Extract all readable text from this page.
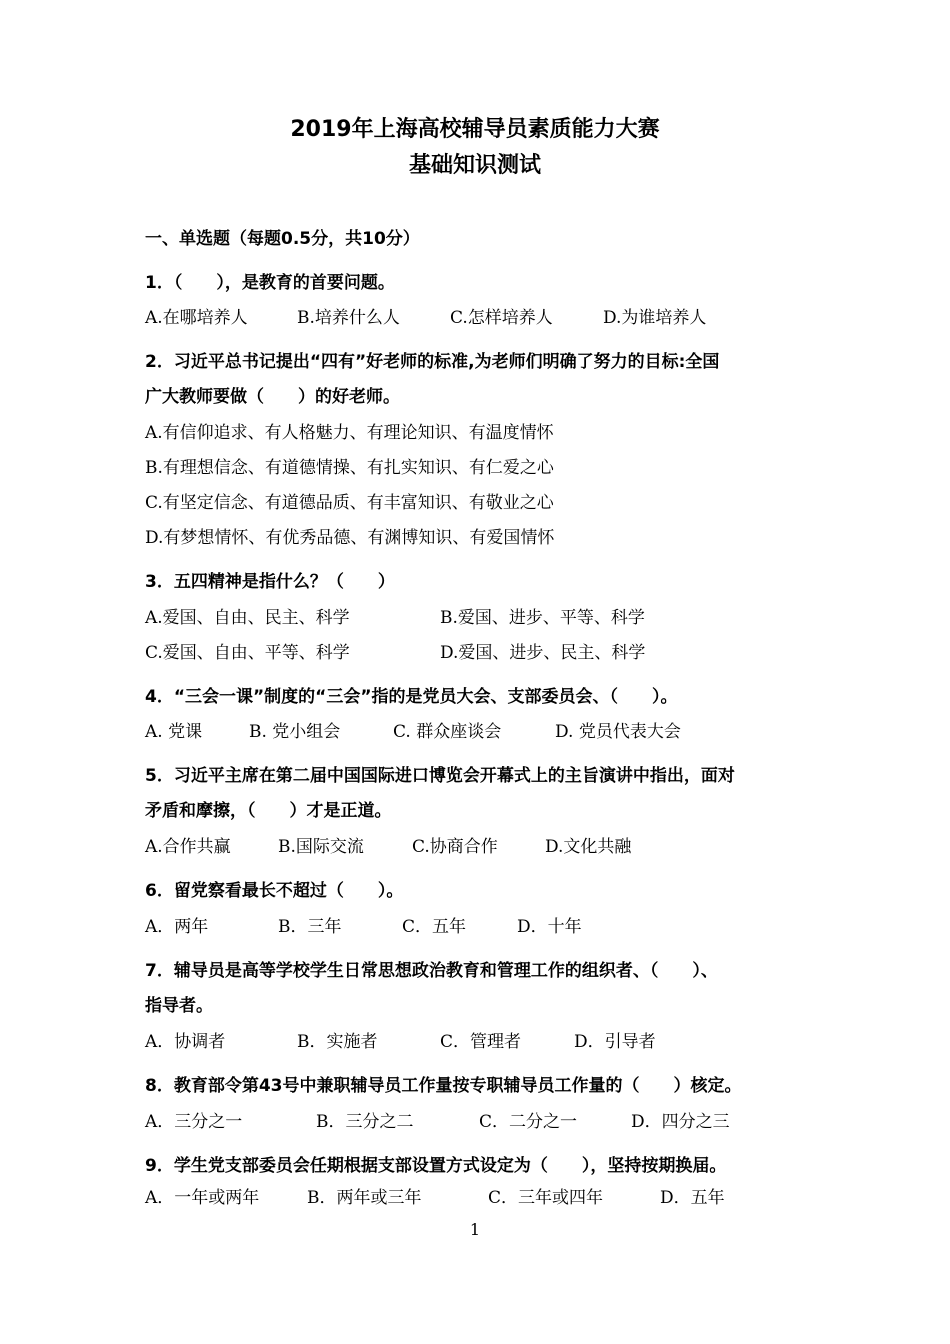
2019年上海高校辅导员素质能力大赛
基础知识测试
一、单选题（每题0.5分，共10分）
1．（　　），是教育的首要问题。
A.在哪培养人	B.培养什么人	C.怎样培养人	D.为谁培养人
2．习近平总书记提出“四有”好老师的标准,为老师们明确了努力的目标:全国
广大教师要做（　　）的好老师。
A.有信仰追求、有人格魅力、有理论知识、有温度情怀
B.有理想信念、有道德情操、有扎实知识、有仁爱之心
C.有坚定信念、有道德品质、有丰富知识、有敬业之心
D.有梦想情怀、有优秀品德、有渊博知识、有爱国情怀
3．五四精神是指什么？（　　）
A.爱国、自由、民主、科学	B.爱国、进步、平等、科学
C.爱国、自由、平等、科学	D.爱国、进步、民主、科学
4．“三会一课”制度的“三会”指的是党员大会、支部委员会、（　　）。
A. 党课	B. 党小组会	C. 群众座谈会	D. 党员代表大会
5．习近平主席在第二届中国国际进口博览会开幕式上的主旨演讲中指出，面对
矛盾和摩擦，（　　）才是正道。
A.合作共赢	B.国际交流	C.协商合作	D.文化共融
6．留党察看最长不超过（　　）。
A．两年	B．三年	C．五年	D．十年
7．辅导员是高等学校学生日常思想政治教育和管理工作的组织者、（　　）、
指导者。
A．协调者	B．实施者	C．管理者	D．引导者
8．教育部令第43号中兼职辅导员工作量按专职辅导员工作量的（　　）核定。
A．三分之一	B．三分之二	C．二分之一	D．四分之三
9．学生党支部委员会任期根据支部设置方式设定为（　　），坚持按期换届。
A．一年或两年	B．两年或三年	C．三年或四年	D．五年
1
